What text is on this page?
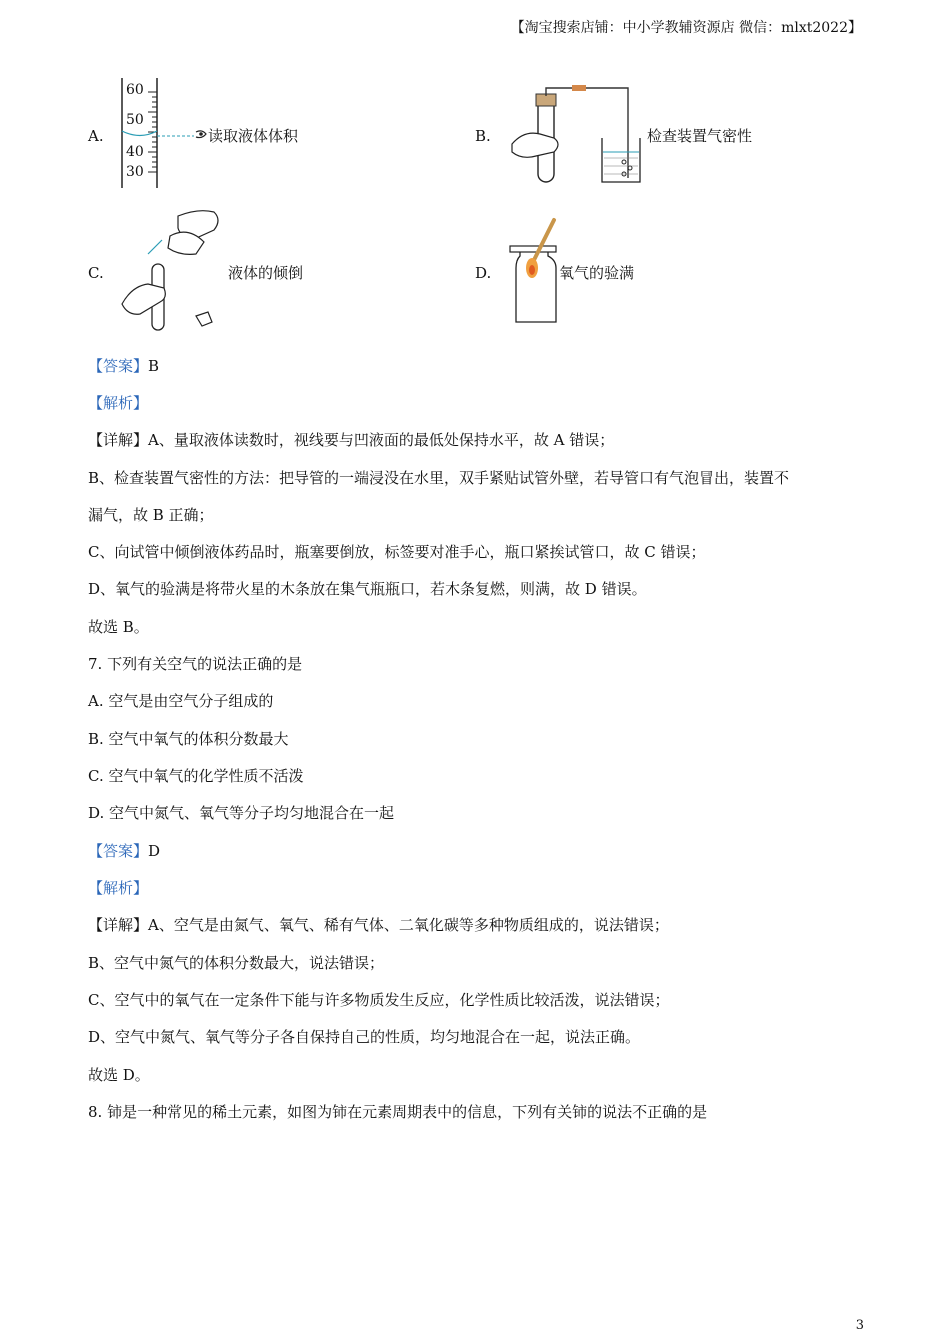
【淘宝搜索店铺：中小学教辅资源店 微信：mlxt2022】
A.
60
50
40
30
读取液体体积	B.	检查装置气密性
C.	液体的倾倒	D.	氧气的验满
【答案】B
【解析】
【详解】A、量取液体读数时，视线要与凹液面的最低处保持水平，故 A 错误；
B、检查装置气密性的方法：把导管的一端浸没在水里，双手紧贴试管外壁，若导管口有气泡冒出，装置不
漏气，故 B 正确；
C、向试管中倾倒液体药品时，瓶塞要倒放，标签要对准手心，瓶口紧挨试管口，故 C 错误；
D、氧气的验满是将带火星的木条放在集气瓶瓶口，若木条复燃，则满，故 D 错误。
故选 B。
7. 下列有关空气的说法正确的是
A. 空气是由空气分子组成的
B. 空气中氧气的体积分数最大
C. 空气中氧气的化学性质不活泼
D. 空气中氮气、氧气等分子均匀地混合在一起
【答案】D
【解析】
【详解】A、空气是由氮气、氧气、稀有气体、二氧化碳等多种物质组成的，说法错误；
B、空气中氮气的体积分数最大，说法错误；
C、空气中的氧气在一定条件下能与许多物质发生反应，化学性质比较活泼，说法错误；
D、空气中氮气、氧气等分子各自保持自己的性质，均匀地混合在一起，说法正确。
故选 D。
8. 铈是一种常见的稀土元素，如图为铈在元素周期表中的信息，下列有关铈的说法不正确的是
3
